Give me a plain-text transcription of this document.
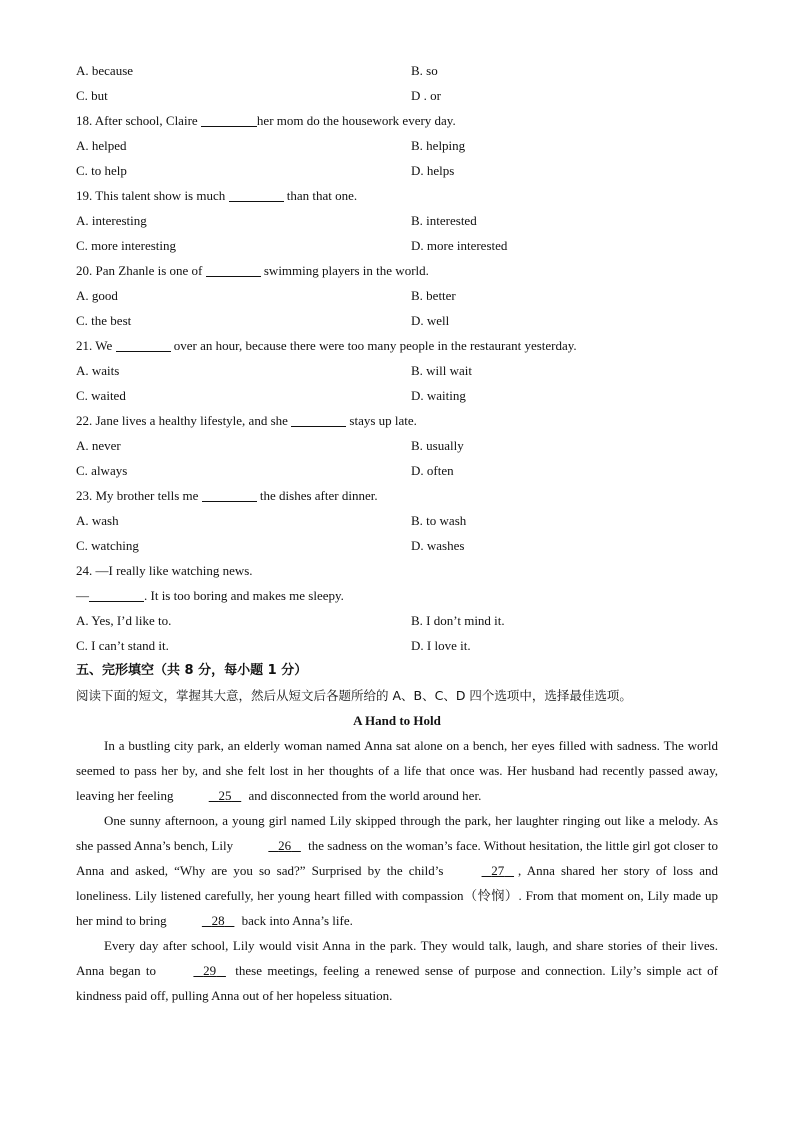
A. because	B. so
C. but	D . or
18. After school, Claire	her mom do the housework every day.
A. helped	B. helping
C. to help	D. helps
19. This talent show is much	than that one.
A. interesting	B. interested
C. more interesting	D. more interested
20. Pan Zhanle is one of	swimming players in the world.
A. good	B. better
C. the best	D. well
21. We	over an hour, because there were too many people in the restaurant yesterday.
A. waits	B. will wait
C. waited	D. waiting
22. Jane lives a healthy lifestyle, and she	stays up late.
A. never	B. usually
C. always	D. often
23. My brother tells me	the dishes after dinner.
A. wash	B. to wash
C. watching	D. washes
24. —I really like watching news.
—	. It is too boring and makes me sleepy.
A. Yes, I’d like to.	B. I don’t mind it.
C. I can’t stand it.	D. I love it.
五、完形填空（共 8 分，每小题 1 分）
阅读下面的短文，掌握其大意，然后从短文后各题所给的 A、B、C、D 四个选项中，选择最佳选项。
A Hand to Hold

In a bustling city park, an elderly woman named Anna sat alone on a bench, her eyes filled with sadness. The world seemed to pass her by, and she felt lost in her thoughts of a life that once was. Her husband had recently passed away, leaving her feeling	25    and disconnected from the world around her.

One sunny afternoon, a young girl named Lily skipped through the park, her laughter ringing out like a melody. As she passed Anna’s bench, Lily	26    the sadness on the woman’s face. Without hesitation, the little girl got closer to Anna and asked, “Why are you so sad?” Surprised by the child’s	27 , Anna shared her story of loss and loneliness. Lily listened carefully, her young heart filled with compassion（怜悯）. From that moment on, Lily made up her mind to bring	28    back into Anna’s life.

Every day after school, Lily would visit Anna in the park. They would talk, laugh, and share stories of their lives. Anna began to	29    these meetings, feeling a renewed sense of purpose and connection. Lily’s simple act of kindness paid off, pulling Anna out of her hopeless situation.
